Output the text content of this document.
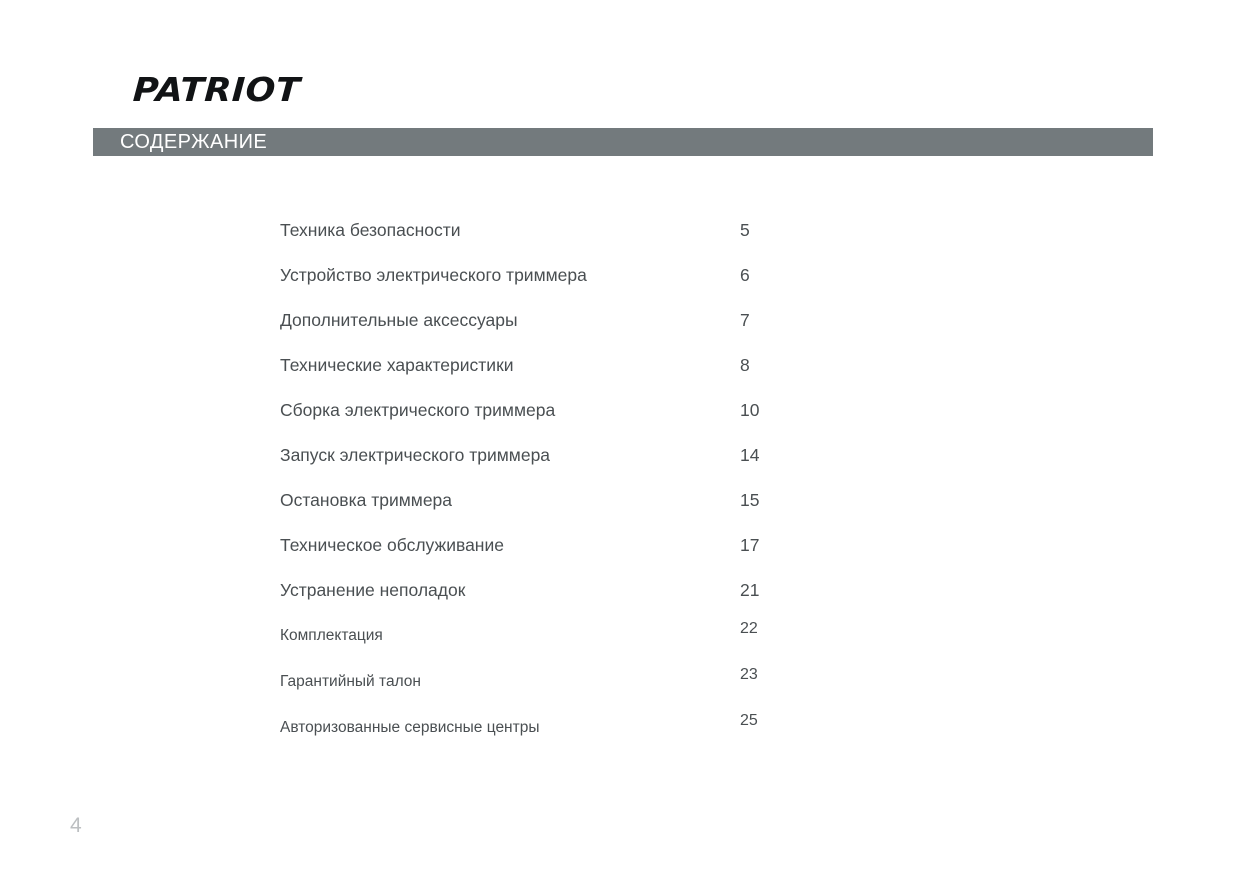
PATRIOT
СОДЕРЖАНИЕ
Техника безопасности	5
Устройство электрического триммера	6
Дополнительные аксессуары	7
Технические характеристики	8
Сборка электрического триммера	10
Запуск электрического триммера	14
Остановка триммера	15
Техническое обслуживание	17
Устранение неполадок	21
Комплектация	22
Гарантийный талон	23
Авторизованные сервисные центры	25
4
